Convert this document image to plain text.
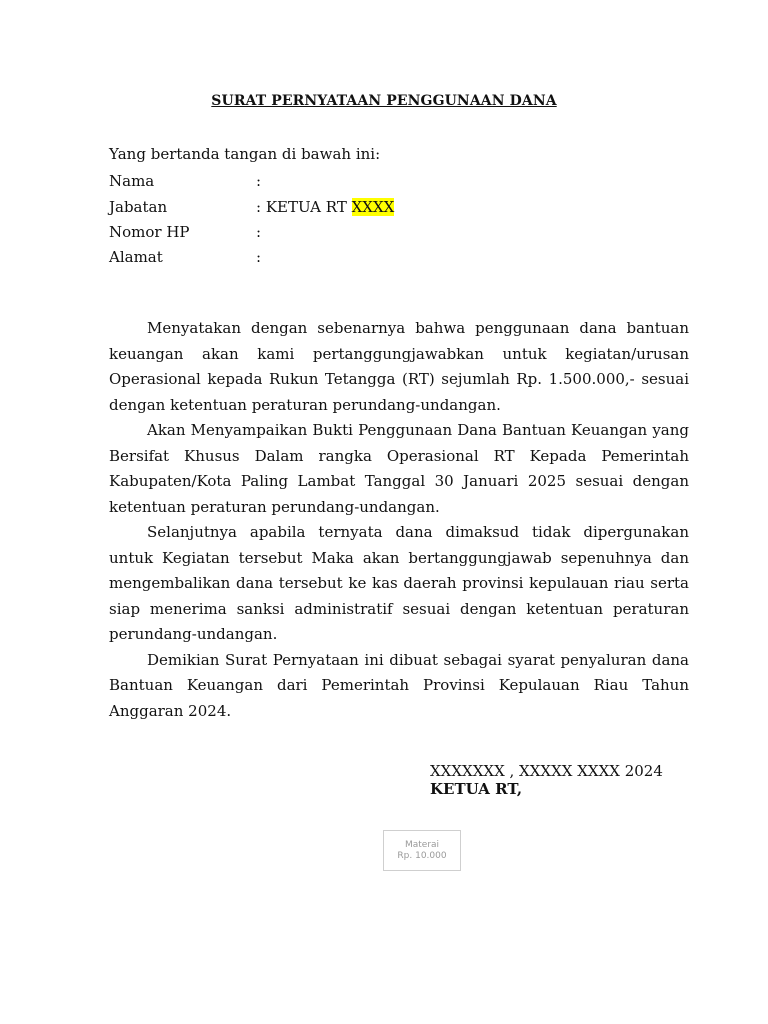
SURAT PERNYATAAN PENGGUNAAN DANA
Yang bertanda tangan di bawah ini:
Nama	:
Jabatan	: KETUA RT XXXX
Nomor HP	:
Alamat	:

Menyatakan dengan sebenarnya bahwa penggunaan dana bantuan keuangan akan kami pertanggungjawabkan untuk kegiatan/urusan Operasional kepada Rukun Tetangga (RT) sejumlah Rp. 1.500.000,- sesuai dengan ketentuan peraturan perundang-undangan.

Akan Menyampaikan Bukti Penggunaan Dana Bantuan Keuangan yang Bersifat Khusus Dalam rangka Operasional RT Kepada Pemerintah Kabupaten/Kota Paling Lambat Tanggal 30 Januari 2025 sesuai dengan ketentuan peraturan perundang-undangan.

Selanjutnya apabila ternyata dana dimaksud tidak dipergunakan untuk Kegiatan tersebut Maka akan bertanggungjawab sepenuhnya dan mengembalikan dana tersebut ke kas daerah provinsi kepulauan riau serta siap menerima sanksi administratif sesuai dengan ketentuan peraturan perundang-undangan.

Demikian Surat Pernyataan ini dibuat sebagai syarat penyaluran dana Bantuan Keuangan dari Pemerintah Provinsi Kepulauan Riau Tahun Anggaran 2024.

XXXXXXX , XXXXX XXXX 2024
KETUA RT,
Materai
Rp. 10.000
